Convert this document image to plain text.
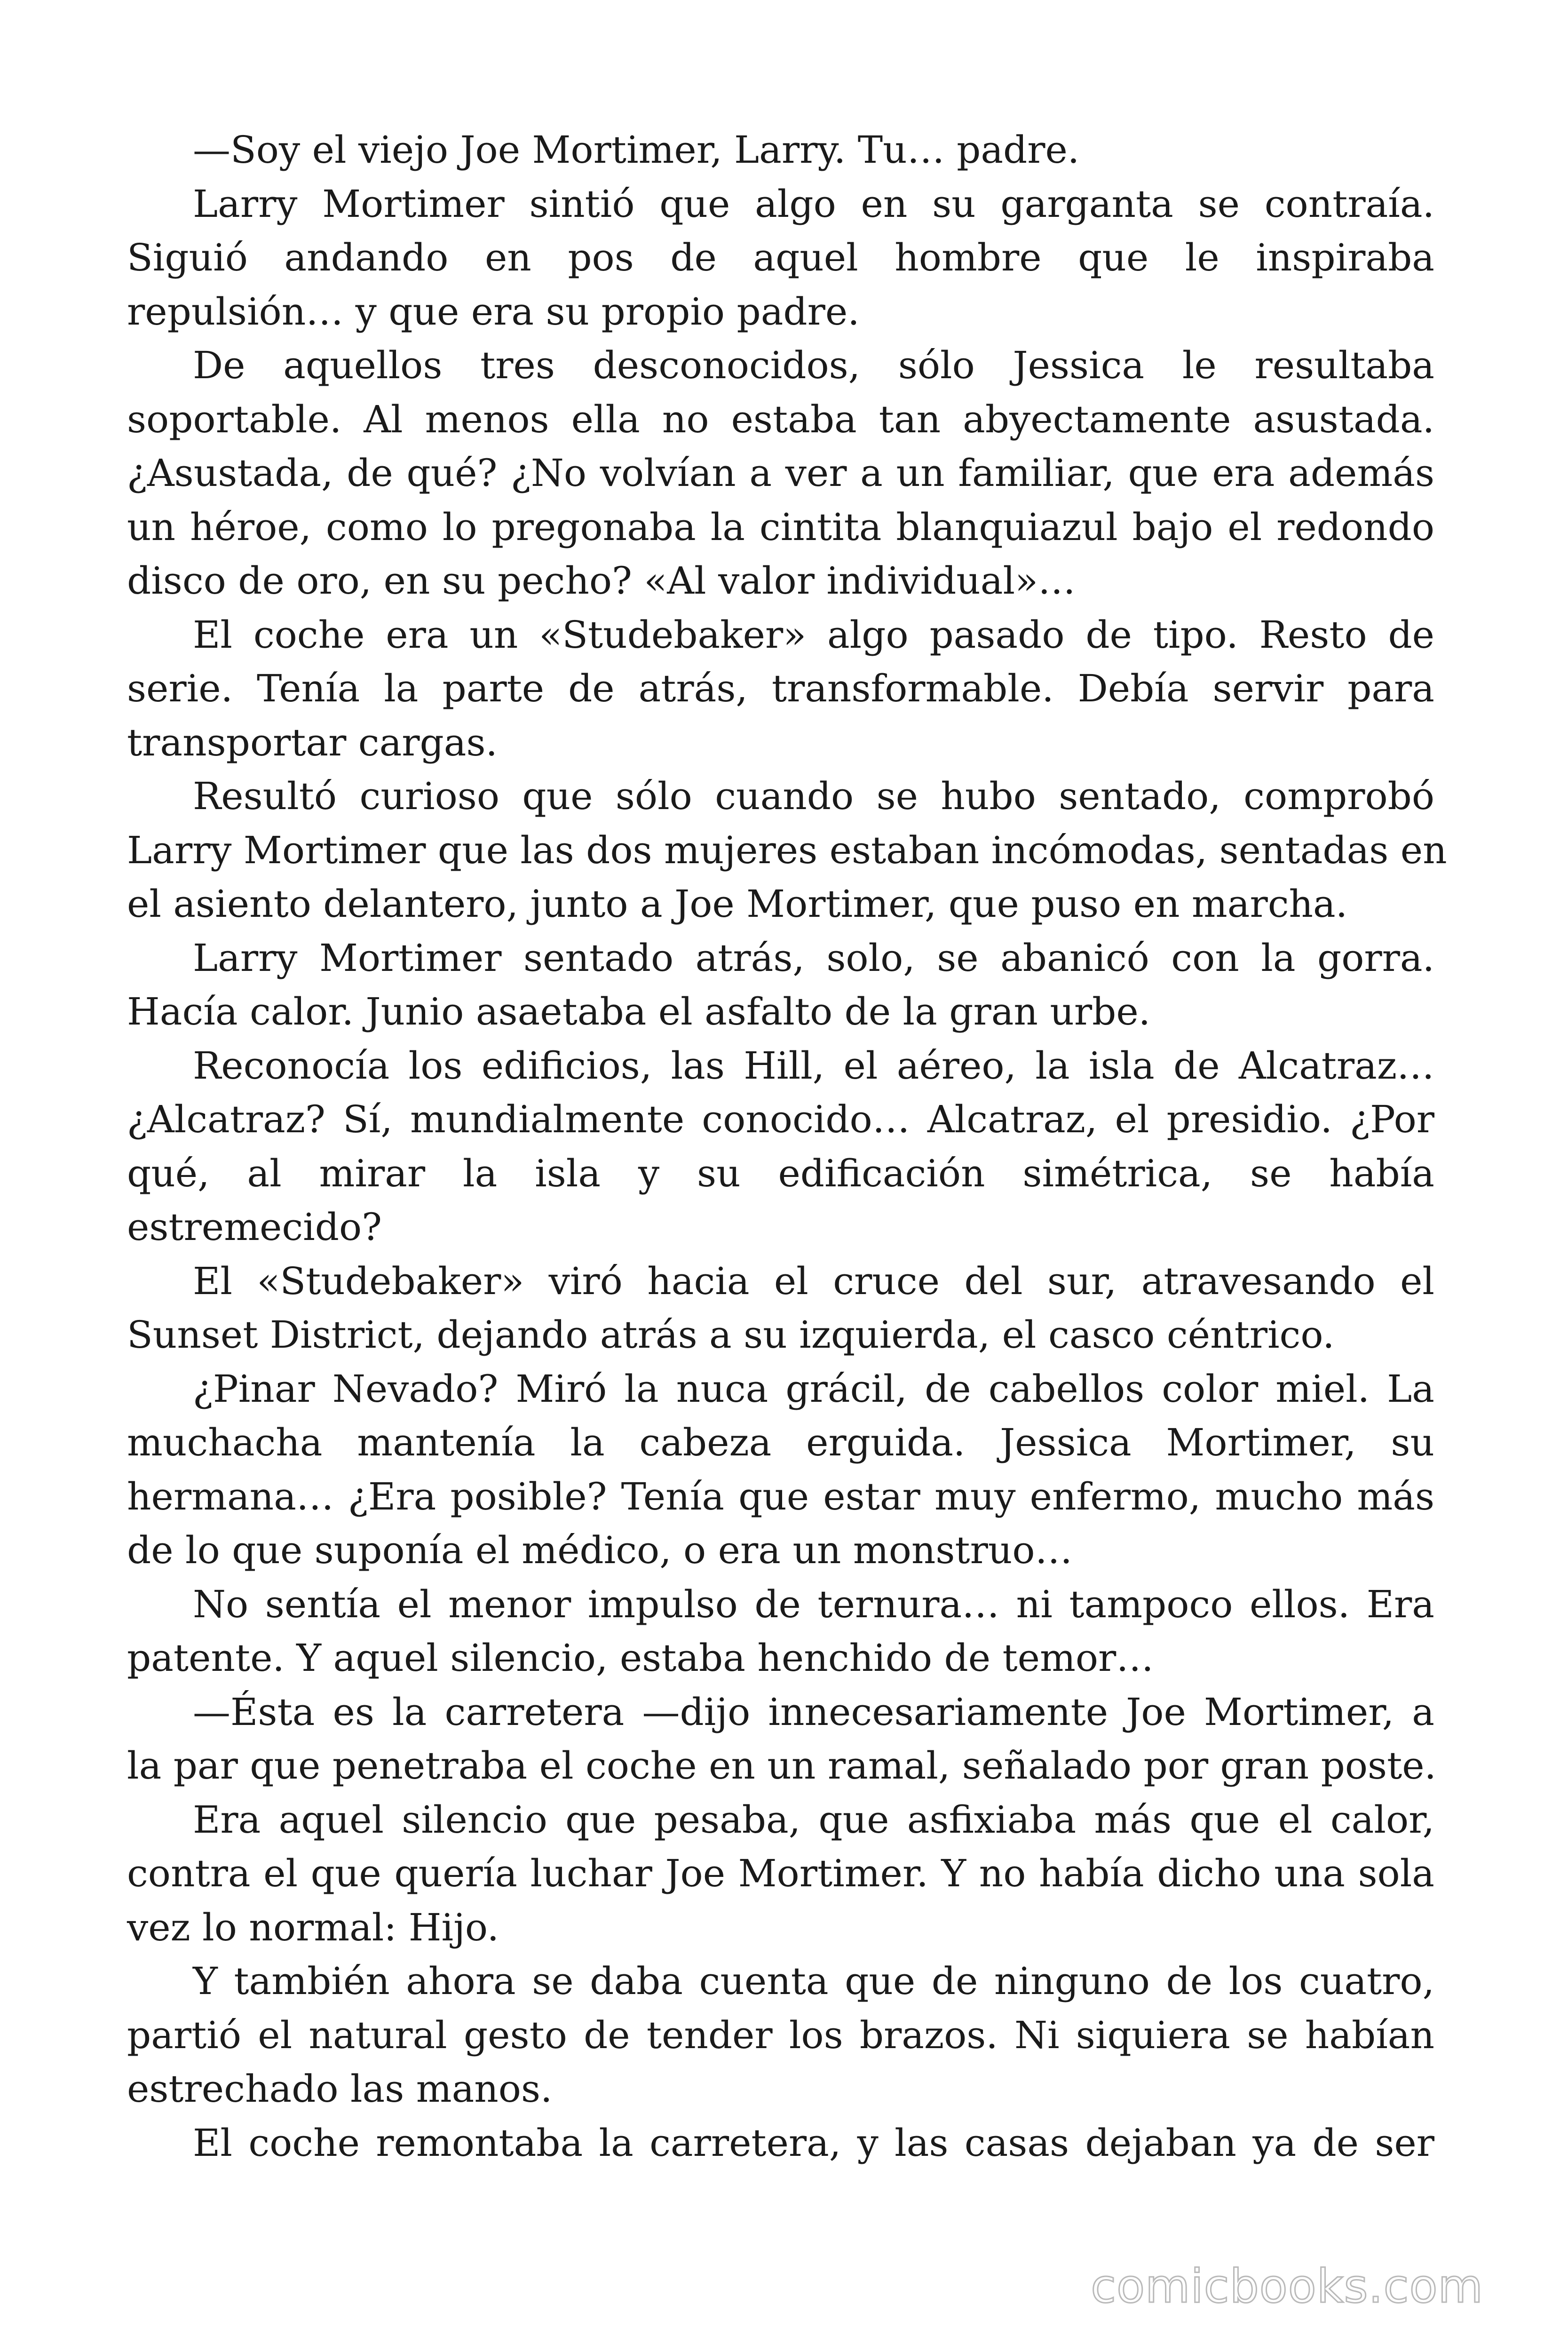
—Soy el viejo Joe Mortimer, Larry. Tu… padre.
Larry Mortimer sintió que algo en su garganta se contraía.
Siguió andando en pos de aquel hombre que le inspiraba
repulsión… y que era su propio padre.
De aquellos tres desconocidos, sólo Jessica le resultaba
soportable. Al menos ella no estaba tan abyectamente asustada.
¿Asustada, de qué? ¿No volvían a ver a un familiar, que era además
un héroe, como lo pregonaba la cintita blanquiazul bajo el redondo
disco de oro, en su pecho? «Al valor individual»…
El coche era un «Studebaker» algo pasado de tipo. Resto de
serie. Tenía la parte de atrás, transformable. Debía servir para
transportar cargas.
Resultó curioso que sólo cuando se hubo sentado, comprobó
Larry Mortimer que las dos mujeres estaban incómodas, sentadas en
el asiento delantero, junto a Joe Mortimer, que puso en marcha.
Larry Mortimer sentado atrás, solo, se abanicó con la gorra.
Hacía calor. Junio asaetaba el asfalto de la gran urbe.
Reconocía los edificios, las Hill, el aéreo, la isla de Alcatraz…
¿Alcatraz? Sí, mundialmente conocido… Alcatraz, el presidio. ¿Por
qué, al mirar la isla y su edificación simétrica, se había
estremecido?
El «Studebaker» viró hacia el cruce del sur, atravesando el
Sunset District, dejando atrás a su izquierda, el casco céntrico.
¿Pinar Nevado? Miró la nuca grácil, de cabellos color miel. La
muchacha mantenía la cabeza erguida. Jessica Mortimer, su
hermana… ¿Era posible? Tenía que estar muy enfermo, mucho más
de lo que suponía el médico, o era un monstruo…
No sentía el menor impulso de ternura… ni tampoco ellos. Era
patente. Y aquel silencio, estaba henchido de temor…
—Ésta es la carretera —dijo innecesariamente Joe Mortimer, a
la par que penetraba el coche en un ramal, señalado por gran poste.
Era aquel silencio que pesaba, que asfixiaba más que el calor,
contra el que quería luchar Joe Mortimer. Y no había dicho una sola
vez lo normal: Hijo.
Y también ahora se daba cuenta que de ninguno de los cuatro,
partió el natural gesto de tender los brazos. Ni siquiera se habían
estrechado las manos.
El coche remontaba la carretera, y las casas dejaban ya de ser
comicbooks.com
